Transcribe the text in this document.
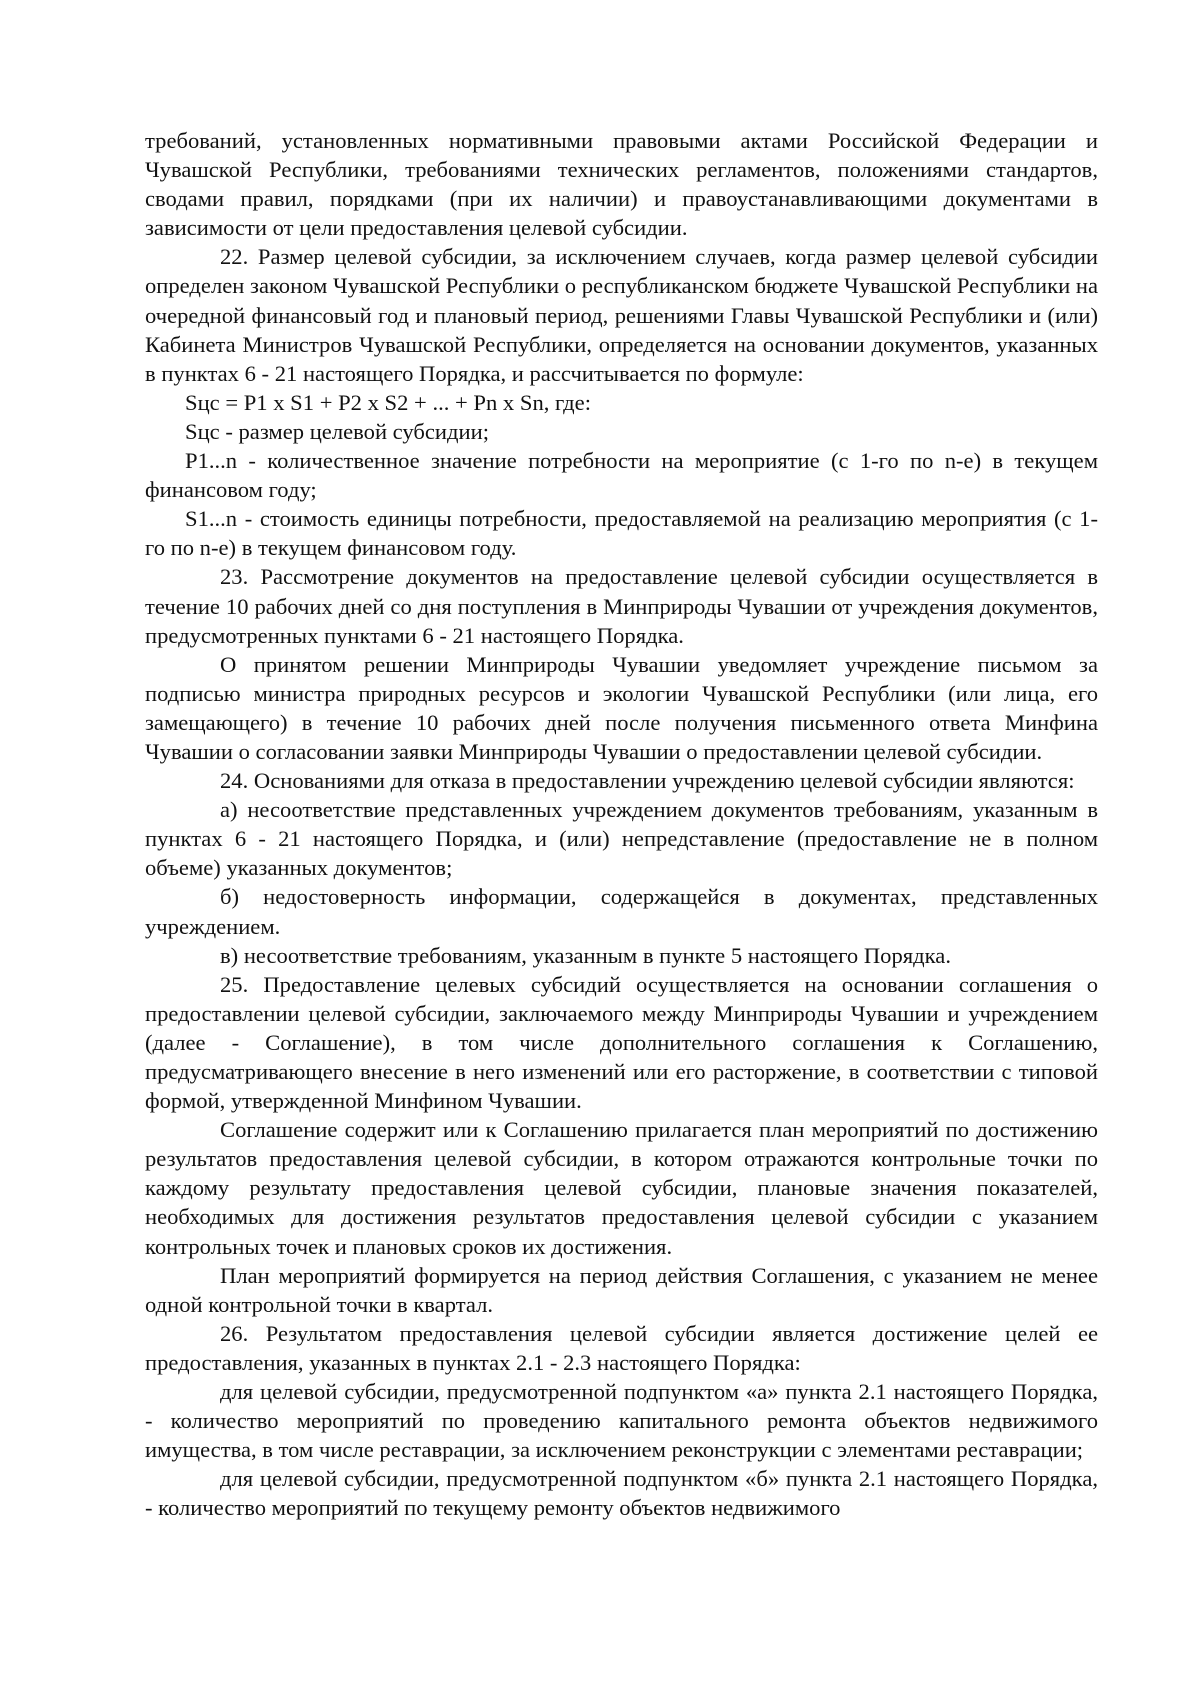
требований, установленных нормативными правовыми актами Российской Федерации и Чувашской Республики, требованиями технических регламентов, положениями стандартов, сводами правил, порядками (при их наличии) и правоустанавливающими документами в зависимости от цели предоставления целевой субсидии.

22. Размер целевой субсидии, за исключением случаев, когда размер целевой субсидии определен законом Чувашской Республики о республиканском бюджете Чувашской Республики на очередной финансовый год и плановый период, решениями Главы Чувашской Республики и (или) Кабинета Министров Чувашской Республики, определяется на основании документов, указанных в пунктах 6 - 21 настоящего Порядка, и рассчитывается по формуле:

Sцс = P1 x S1 + P2 x S2 + ... + Pn x Sn, где:

Sцс - размер целевой субсидии;

P1...n - количественное значение потребности на мероприятие (с 1-го по n-е) в текущем финансовом году;

S1...n - стоимость единицы потребности, предоставляемой на реализацию мероприятия (с 1-го по n-е) в текущем финансовом году.

23. Рассмотрение документов на предоставление целевой субсидии осуществляется в течение 10 рабочих дней со дня поступления в Минприроды Чувашии от учреждения документов, предусмотренных пунктами 6 - 21 настоящего Порядка.

О принятом решении Минприроды Чувашии уведомляет учреждение письмом за подписью министра природных ресурсов и экологии Чувашской Республики (или лица, его замещающего) в течение 10 рабочих дней после получения письменного ответа Минфина Чувашии о согласовании заявки Минприроды Чувашии о предоставлении целевой субсидии.

24. Основаниями для отказа в предоставлении учреждению целевой субсидии являются:

а) несоответствие представленных учреждением документов требованиям, указанным в пунктах 6 - 21 настоящего Порядка, и (или) непредставление (предоставление не в полном объеме) указанных документов;

б) недостоверность информации, содержащейся в документах, представленных учреждением.

в) несоответствие требованиям, указанным в пункте 5 настоящего Порядка.

25. Предоставление целевых субсидий осуществляется на основании соглашения о предоставлении целевой субсидии, заключаемого между Минприроды Чувашии и учреждением (далее - Соглашение), в том числе дополнительного соглашения к Соглашению, предусматривающего внесение в него изменений или его расторжение, в соответствии с типовой формой, утвержденной Минфином Чувашии.

Соглашение содержит или к Соглашению прилагается план мероприятий по достижению результатов предоставления целевой субсидии, в котором отражаются контрольные точки по каждому результату предоставления целевой субсидии, плановые значения показателей, необходимых для достижения результатов предоставления целевой субсидии с указанием контрольных точек и плановых сроков их достижения.

План мероприятий формируется на период действия Соглашения, с указанием не менее одной контрольной точки в квартал.

26. Результатом предоставления целевой субсидии является достижение целей ее предоставления, указанных в пунктах 2.1 - 2.3 настоящего Порядка:

для целевой субсидии, предусмотренной подпунктом «а» пункта 2.1 настоящего Порядка, - количество мероприятий по проведению капитального ремонта объектов недвижимого имущества, в том числе реставрации, за исключением реконструкции с элементами реставрации;

для целевой субсидии, предусмотренной подпунктом «б» пункта 2.1 настоящего Порядка, - количество мероприятий по текущему ремонту объектов недвижимого
